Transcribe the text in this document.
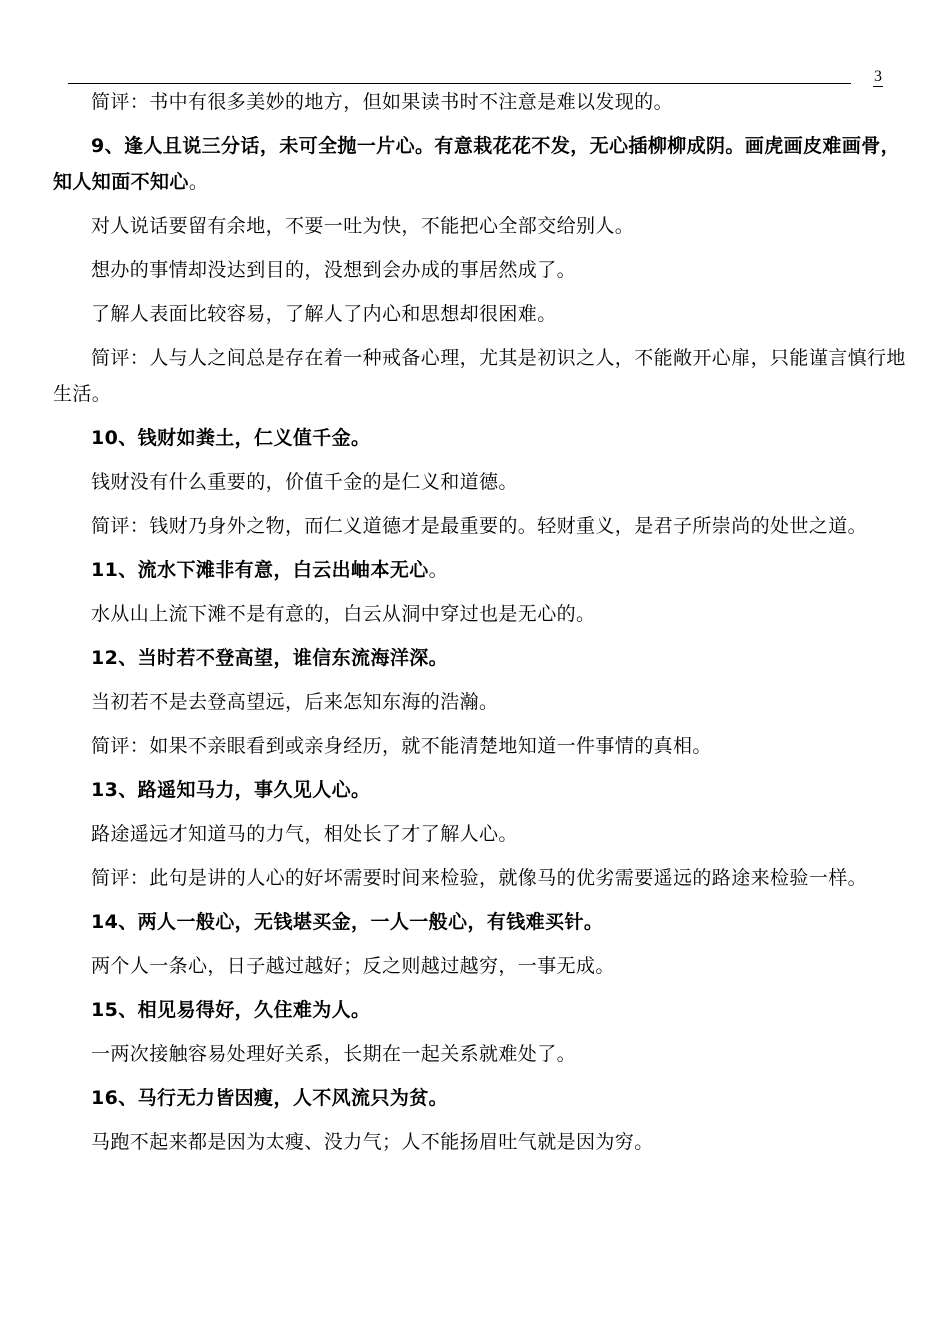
3

简评：书中有很多美妙的地方，但如果读书时不注意是难以发现的。

9、逢人且说三分话，未可全抛一片心。有意栽花花不发，无心插柳柳成阴。画虎画皮难画骨，知人知面不知心。

对人说话要留有余地，不要一吐为快，不能把心全部交给别人。

想办的事情却没达到目的，没想到会办成的事居然成了。

了解人表面比较容易，了解人了内心和思想却很困难。

简评：人与人之间总是存在着一种戒备心理，尤其是初识之人，不能敞开心扉，只能谨言慎行地生活。

10、钱财如粪土，仁义值千金。

钱财没有什么重要的，价值千金的是仁义和道德。

简评：钱财乃身外之物，而仁义道德才是最重要的。轻财重义，是君子所崇尚的处世之道。

11、流水下滩非有意，白云出岫本无心。

水从山上流下滩不是有意的，白云从洞中穿过也是无心的。

12、当时若不登高望，谁信东流海洋深。

当初若不是去登高望远，后来怎知东海的浩瀚。

简评：如果不亲眼看到或亲身经历，就不能清楚地知道一件事情的真相。

13、路遥知马力，事久见人心。

路途遥远才知道马的力气，相处长了才了解人心。

简评：此句是讲的人心的好坏需要时间来检验，就像马的优劣需要遥远的路途来检验一样。

14、两人一般心，无钱堪买金，一人一般心，有钱难买针。

两个人一条心，日子越过越好；反之则越过越穷，一事无成。

15、相见易得好，久住难为人。

一两次接触容易处理好关系，长期在一起关系就难处了。

16、马行无力皆因瘦，人不风流只为贫。

马跑不起来都是因为太瘦、没力气；人不能扬眉吐气就是因为穷。
